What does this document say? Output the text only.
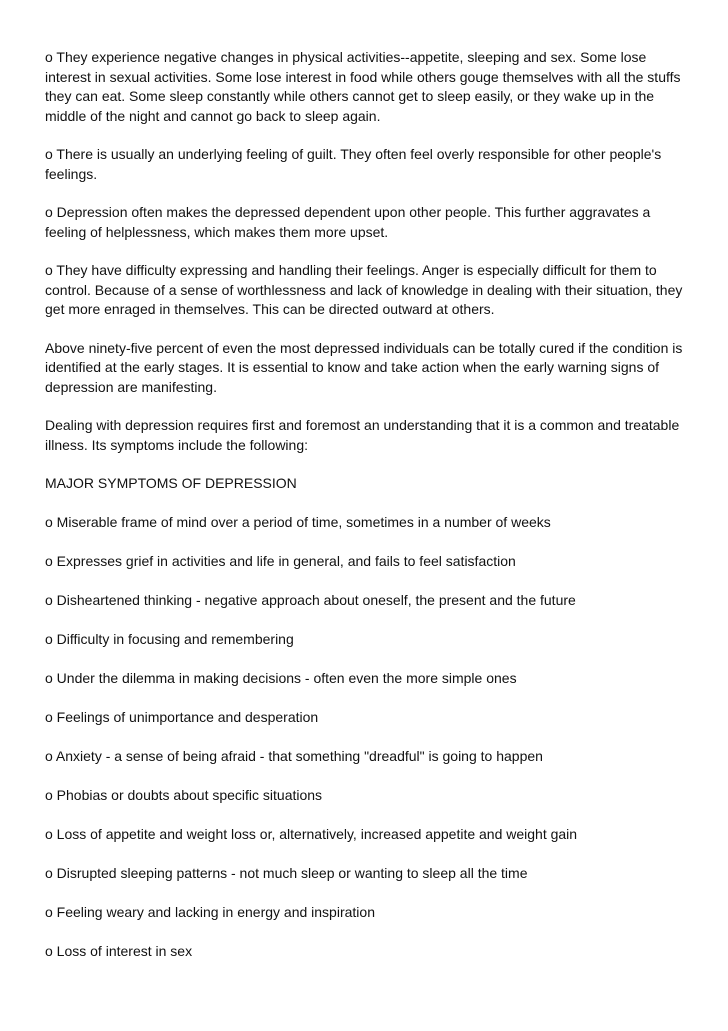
o They experience negative changes in physical activities--appetite, sleeping and sex. Some lose interest in sexual activities. Some lose interest in food while others gouge themselves with all the stuffs they can eat. Some sleep constantly while others cannot get to sleep easily, or they wake up in the middle of the night and cannot go back to sleep again.

o There is usually an underlying feeling of guilt. They often feel overly responsible for other people's feelings.

o Depression often makes the depressed dependent upon other people. This further aggravates a feeling of helplessness, which makes them more upset.

o They have difficulty expressing and handling their feelings. Anger is especially difficult for them to control. Because of a sense of worthlessness and lack of knowledge in dealing with their situation, they get more enraged in themselves. This can be directed outward at others.

Above ninety-five percent of even the most depressed individuals can be totally cured if the condition is identified at the early stages. It is essential to know and take action when the early warning signs of depression are manifesting.

Dealing with depression requires first and foremost an understanding that it is a common and treatable illness. Its symptoms include the following:

MAJOR SYMPTOMS OF DEPRESSION

o Miserable frame of mind over a period of time, sometimes in a number of weeks

o Expresses grief in activities and life in general, and fails to feel satisfaction

o Disheartened thinking - negative approach about oneself, the present and the future

o Difficulty in focusing and remembering

o Under the dilemma in making decisions - often even the more simple ones

o Feelings of unimportance and desperation

o Anxiety - a sense of being afraid - that something "dreadful" is going to happen

o Phobias or doubts about specific situations

o Loss of appetite and weight loss or, alternatively, increased appetite and weight gain

o Disrupted sleeping patterns - not much sleep or wanting to sleep all the time

o Feeling weary and lacking in energy and inspiration

o Loss of interest in sex
